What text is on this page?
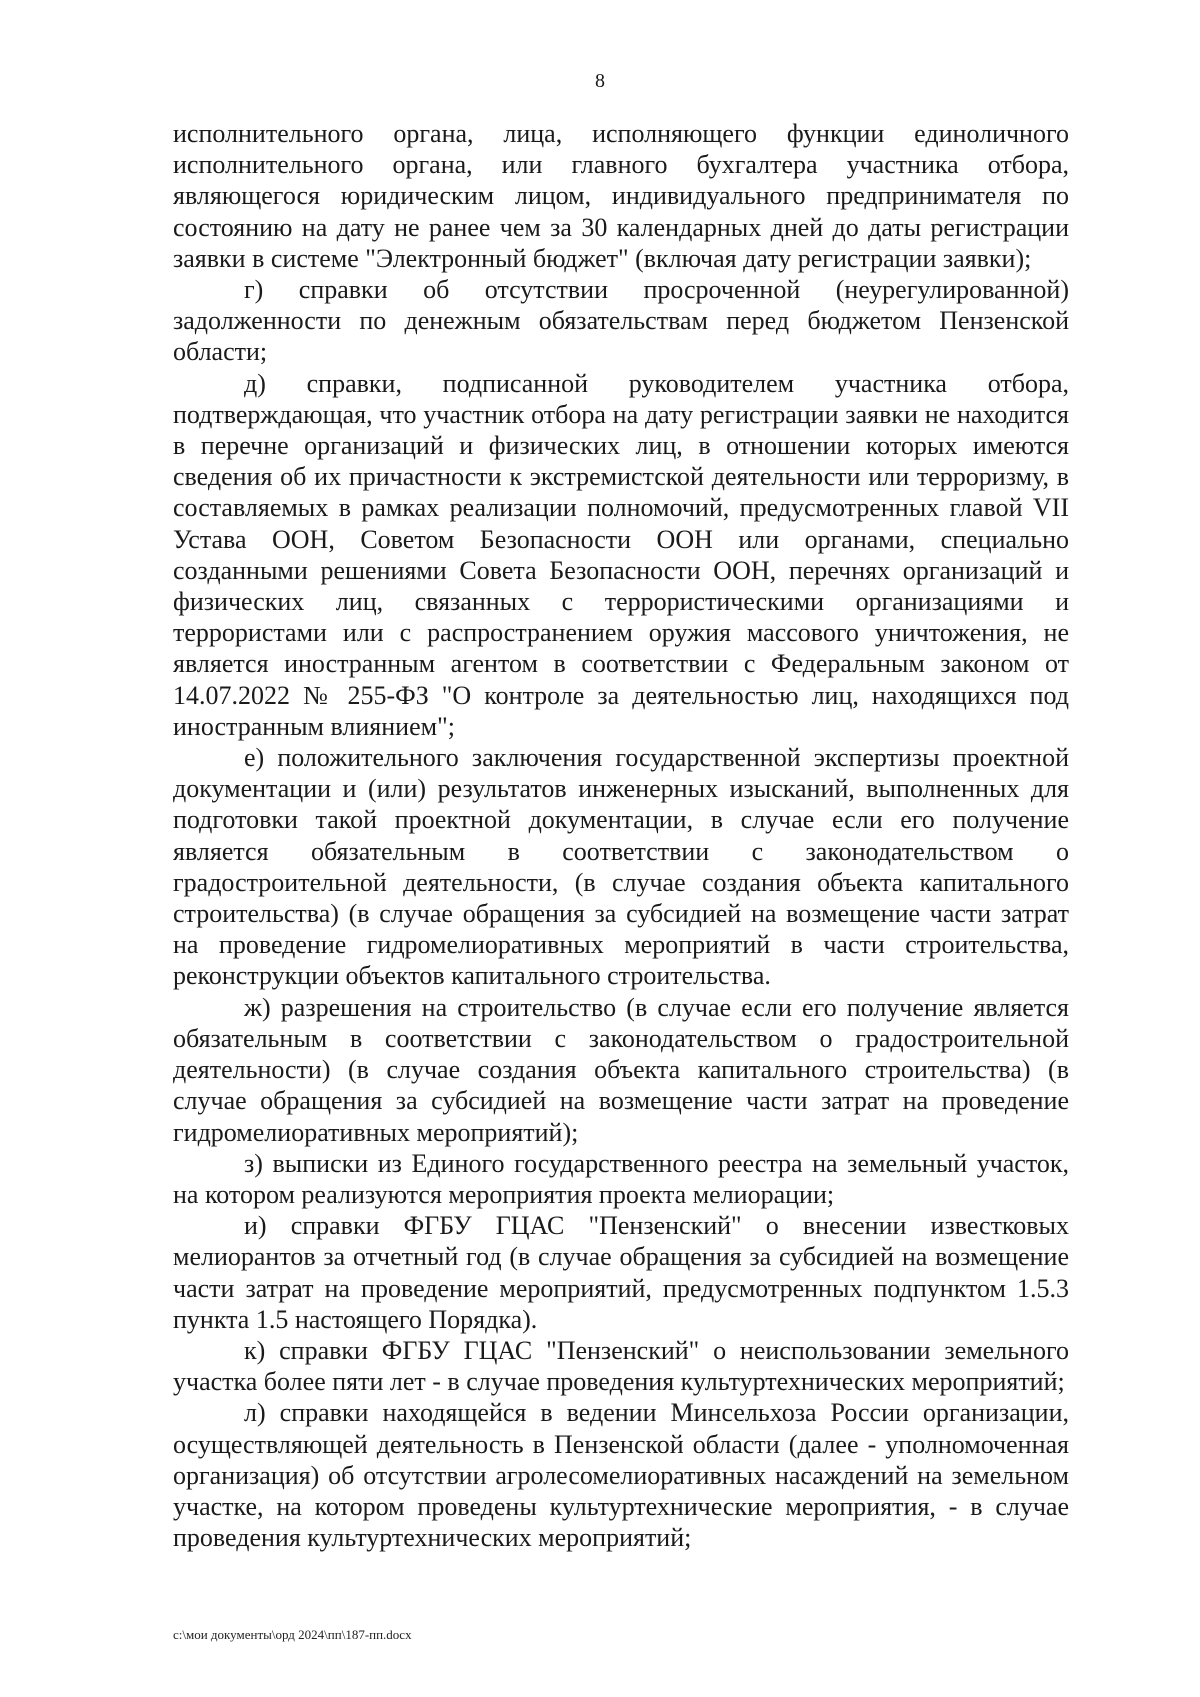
8

исполнительного органа, лица, исполняющего функции единоличного исполнительного органа, или главного бухгалтера участника отбора, являющегося юридическим лицом, индивидуального предпринимателя по состоянию на дату не ранее чем за 30 календарных дней до даты регистрации заявки в системе "Электронный бюджет" (включая дату регистрации заявки);

г) справки об отсутствии просроченной (неурегулированной) задолженности по денежным обязательствам перед бюджетом Пензенской области;

д) справки, подписанной руководителем участника отбора, подтверждающая, что участник отбора на дату регистрации заявки не находится в перечне организаций и физических лиц, в отношении которых имеются сведения об их причастности к экстремистской деятельности или терроризму, в составляемых в рамках реализации полномочий, предусмотренных главой VII Устава ООН, Советом Безопасности ООН или органами, специально созданными решениями Совета Безопасности ООН, перечнях организаций и физических лиц, связанных с террористическими организациями и террористами или с распространением оружия массового уничтожения, не является иностранным агентом в соответствии с Федеральным законом от 14.07.2022 № 255-ФЗ "О контроле за деятельностью лиц, находящихся под иностранным влиянием";

е) положительного заключения государственной экспертизы проектной документации и (или) результатов инженерных изысканий, выполненных для подготовки такой проектной документации, в случае если его получение является обязательным в соответствии с законодательством о градостроительной деятельности, (в случае создания объекта капитального строительства) (в случае обращения за субсидией на возмещение части затрат на проведение гидромелиоративных мероприятий в части строительства, реконструкции объектов капитального строительства.

ж) разрешения на строительство (в случае если его получение является обязательным в соответствии с законодательством о градостроительной деятельности) (в случае создания объекта капитального строительства) (в случае обращения за субсидией на возмещение части затрат на проведение гидромелиоративных мероприятий);

з) выписки из Единого государственного реестра на земельный участок, на котором реализуются мероприятия проекта мелиорации;

и) справки ФГБУ ГЦАС "Пензенский" о внесении известковых мелиорантов за отчетный год (в случае обращения за субсидией на возмещение части затрат на проведение мероприятий, предусмотренных подпунктом 1.5.3 пункта 1.5 настоящего Порядка).

к) справки ФГБУ ГЦАС "Пензенский" о неиспользовании земельного участка более пяти лет - в случае проведения культуртехнических мероприятий;

л) справки находящейся в ведении Минсельхоза России организации, осуществляющей деятельность в Пензенской области (далее - уполномоченная организация) об отсутствии агролесомелиоративных насаждений на земельном участке, на котором проведены культуртехнические мероприятия, - в случае проведения культуртехнических мероприятий;

c:\мои документы\орд 2024\пп\187-пп.docx
